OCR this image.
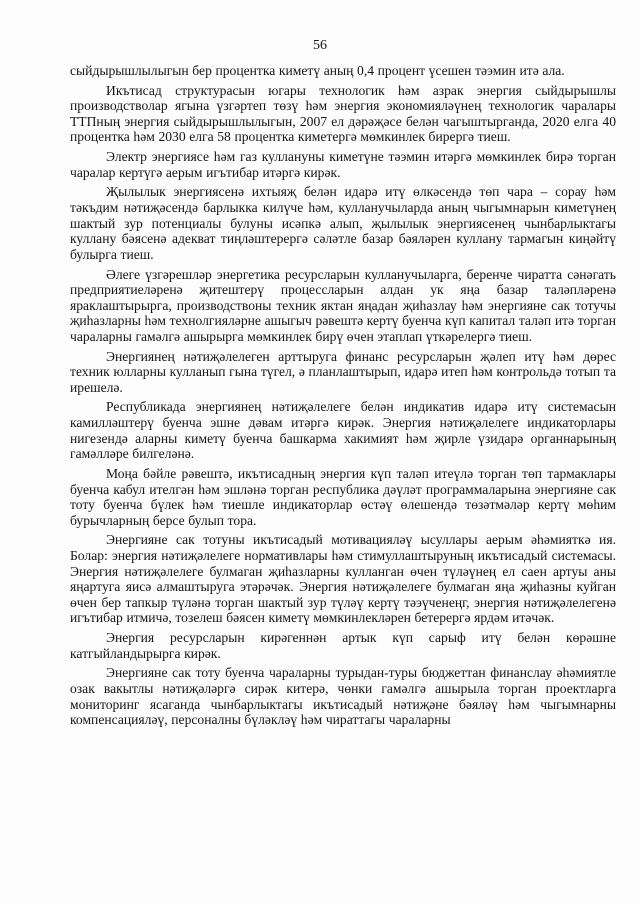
56

сыйдырышлылыгын бер процентка киметү аның 0,4 процент үсешен тәэмин итә ала.

Икътисад структурасын югары технологик һәм азрак энергия сыйдырышлы производстволар ягына үзгәртеп төзү һәм энергия экономияләүнең технологик чаралары ТТПның энергия сыйдырышлылыгын, 2007 ел дәрәҗәсе белән чагыштырганда, 2020 елга 40 процентка һәм 2030 елга 58 процентка киметергә мөмкинлек бирергә тиеш.

Электр энергиясе һәм газ куллануны киметүне тәэмин итәргә мөмкинлек бирә торган чаралар кертүгә аерым игътибар итәргә кирәк.

Җылылык энергиясенә ихтыяҗ белән идарә итү өлкәсендә төп чара – сорау һәм тәкъдим нәтиҗәсендә барлыкка килүче һәм, кулланучыларда аның чыгымнарын киметүнең шактый зур потенциалы булуны исәпкә алып, җылылык энергиясенең чынбарлыктагы куллану бәясенә адекват тиңләштерергә сәләтле базар бәяләрен куллану тармагын киңәйтү булырга тиеш.

Әлеге үзгәрешләр энергетика ресурсларын кулланучыларга, беренче чиратта сәнәгать предприятиеләренә җитештерү процессларын алдан ук яңа базар таләпләренә яраклаштырырга, производствоны техник яктан яңадан җиһазлау һәм энергияне сак тотучы җиһазларны һәм технолгияләрне ашыгыч рәвештә кертү буенча күп капитал таләп итә торган чараларны гамәлгә ашырырга мөмкинлек бирү өчен этаплап үткәрелергә тиеш.

Энергиянең нәтиҗәлелеген арттыруга финанс ресурсларын җәлеп итү һәм дөрес техник юлларны кулланып гына түгел, ә планлаштырып, идарә итеп һәм контрольдә тотып та ирешелә.

Республикада энергиянең нәтиҗәлелеге белән индикатив идарә итү системасын камилләштерү буенча эшне дәвам итәргә кирәк. Энергия нәтиҗәлелеге индикаторлары нигезендә аларны киметү буенча башкарма хакимият һәм җирле үзидарә органнарының гамәлләре билгеләнә.

Моңа бәйле рәвештә, икътисадның энергия күп таләп итеүлә торган төп тармаклары буенча кабул ителгән һәм эшләнә торган республика дәүләт программаларына энергияне сак тоту буенча бүлек һәм тиешле индикаторлар өстәү өлешендә төзәтмәләр кертү мөһим бурычларның берсе булып тора.

Энергияне сак тотуны икътисадый мотивацияләү ысуллары аерым әһәмияткә ия. Болар: энергия нәтиҗәлелеге нормативлары һәм стимуллаштыруның икътисадый системасы. Энергия нәтиҗәлелеге булмаган җиһазларны кулланган өчен түләүнең ел саен артуы аны яңартуга яисә алмаштыруга этәрәчәк. Энергия нәтиҗәлелеге булмаган яңа җиһазны куйган өчен бер тапкыр түләнә торган шактый зур түләү кертү тәэүченеңг, энергия нәтиҗәлелегенә игътибар итмичә, тозелеш бәясен киметү мөмкинлекләрен бетерергә ярдәм итәчәк.

Энергия ресурсларын кирәгеннән артык күп сарыф итү белән көрәшне катгыйландырырга кирәк.

Энергияне сак тоту буенча чараларны турыдан-туры бюджеттан финанслау әһәмиятле озак вакытлы нәтиҗәләргә сирәк китерә, чөнки гамәлгә ашырыла торган проектларга мониторинг ясаганда чынбарлыктагы икътисадый нәтиҗәне бәяләү һәм чыгымнарны компенсацияләү, персоналны бүләкләү һәм чираттагы чараларны
